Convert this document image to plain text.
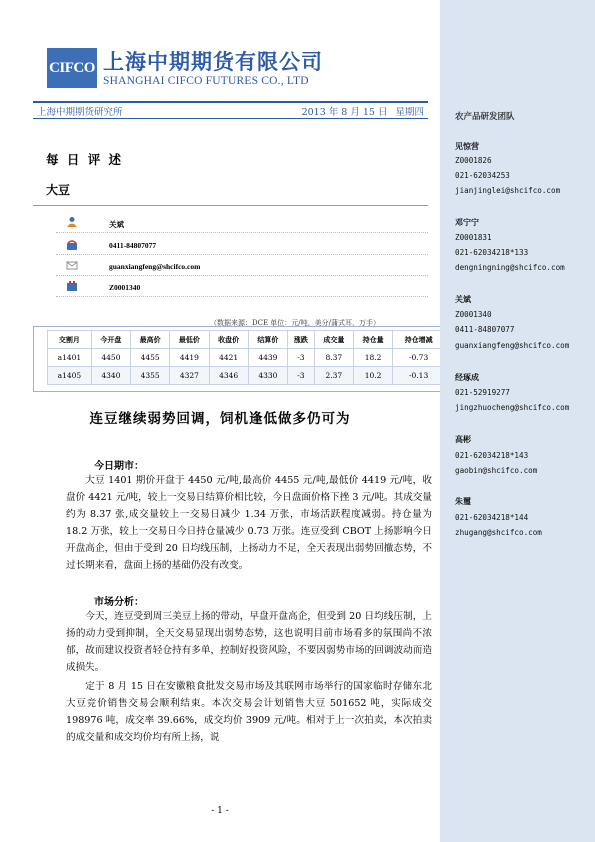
CIFCO 上海中期期货有限公司
SHANGHAI CIFCO FUTURES CO., LTD
上海中期期货研究所	2013 年 8 月 15 日 星期四
每 日 评 述
大豆
关斌
0411-84807077
guanxiangfeng@shcifco.com
Z0001340
（数据来源：DCE 单位：元/吨，美分/蒲式耳，万手）
交割月	今开盘	最高价	最低价	收盘价	结算价	涨跌	成交量	持仓量	持仓增减
a1401	4450	4455	4419	4421	4439	-3	8.37	18.2	-0.73
a1405	4340	4355	4327	4346	4330	-3	2.37	10.2	-0.13
连豆继续弱势回调，饲机逢低做多仍可为
今日期市：

大豆 1401 期价开盘于 4450 元/吨,最高价 4455 元/吨,最低价 4419 元/吨，收盘价 4421 元/吨，较上一交易日结算价相比较，今日盘面价格下挫 3 元/吨。其成交量约为 8.37 张,成交量较上一交易日减少 1.34 万张，市场活跃程度减弱。持仓量为 18.2 万张，较上一交易日今日持仓量减少 0.73 万张。连豆受到 CBOT 上扬影响今日开盘高企，但由于受到 20 日均线压制，上扬动力不足，全天表现出弱势回撤态势，不过长期来看，盘面上扬的基础仍没有改变。

市场分析：

今天，连豆受到周三美豆上扬的带动，早盘开盘高企，但受到 20 日均线压制，上扬的动力受到抑制，全天交易显现出弱势态势，这也说明目前市场看多的氛围尚不浓郁，故而建议投资者轻仓持有多单，控制好投资风险，不要因弱势市场的回调波动而造成损失。

定于 8 月 15 日在安徽粮食批发交易市场及其联网市场举行的国家临时存储东北大豆竞价销售交易会顺利结束。本次交易会计划销售大豆 501652 吨，实际成交 198976 吨，成交率 39.66%，成交均价 3909 元/吨。相对于上一次拍卖，本次拍卖的成交量和成交均价均有所上扬，说

- 1 -
农产品研发团队
见惊营
Z0001826
021-62034253
jianjinglei@shcifco.com
邓宁宁
Z0001831
021-62034218*133
dengningning@shcifco.com
关斌
Z0001340
0411-84807077
guanxiangfeng@shcifco.com
经琢成
021-52919277
jingzhuocheng@shcifco.com
高彬
021-62034218*143
gaobin@shcifco.com
朱璽
021-62034218*144
zhugang@shcifco.com
